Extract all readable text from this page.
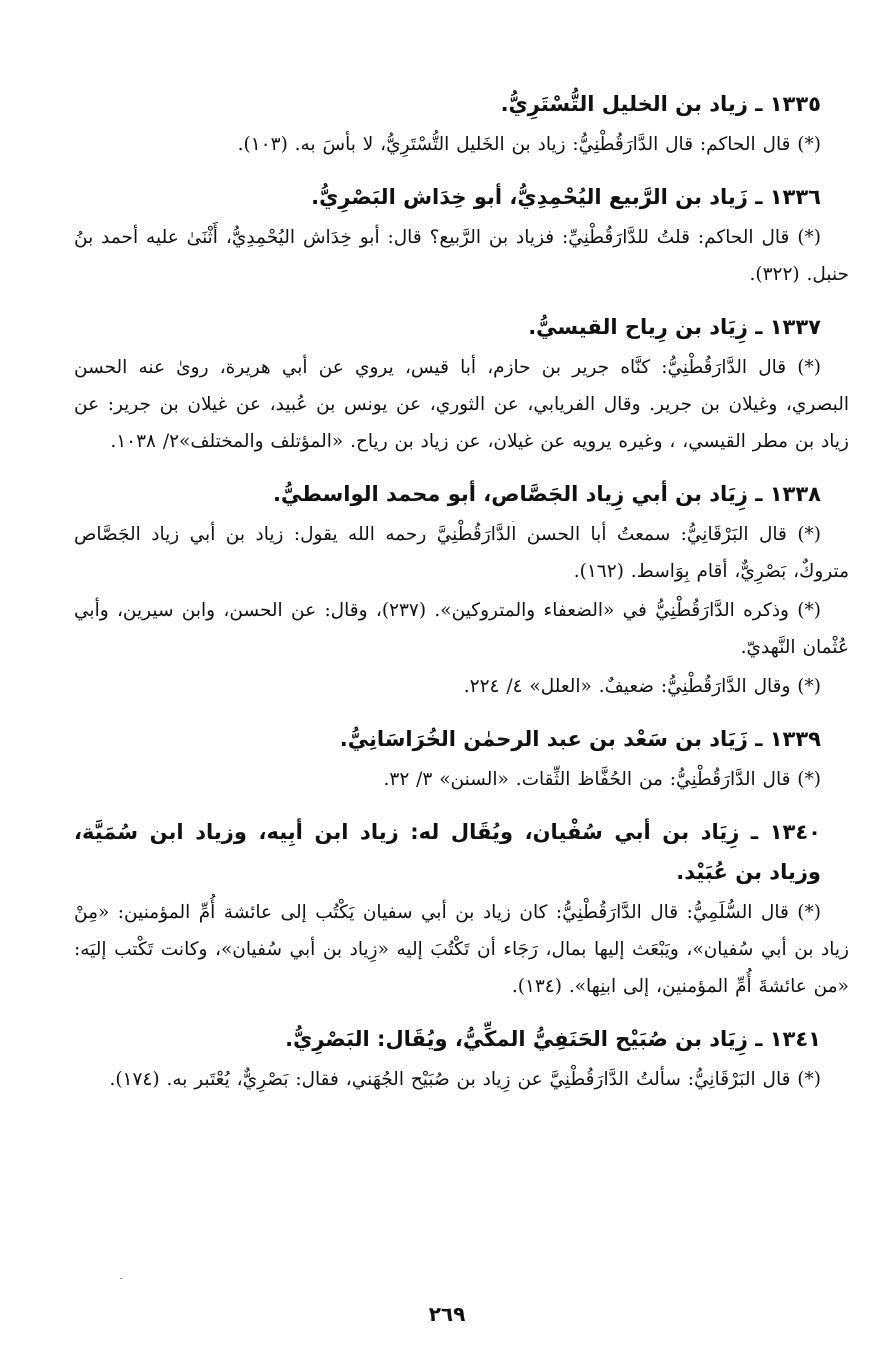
١٣٣٥ ـ زياد بن الخليل التُّسْتَرِيُّ.

(*) قال الحاكم: قال الدَّارَقُطْنِيُّ: زياد بن الخَليل التُّسْتَرِيُّ، لا بأسَ به. (١٠٣).

١٣٣٦ ـ زَياد بن الرَّبيع اليُحْمِدِيُّ، أبو خِدَاش البَصْرِيُّ.

(*) قال الحاكم: قلتُ للدَّارَقُطْنِيِّ: فزياد بن الرَّبيع؟ قال: أبو خِدَاش اليُحْمِدِيُّ، أَثْنَىٰ عليه أحمد بنُ حنبل. (٣٢٢).

١٣٣٧ ـ زِيَاد بن رِياح القيسيُّ.

(*) قال الدَّارَقُطْنِيُّ: كنَّاه جرير بن حازم، أبا قيس، يروي عن أبي هريرة، روىٰ عنه الحسن البصري، وغيلان بن جرير. وقال الفريابي، عن الثوري، عن يونس بن عُبيد، عن غيلان بن جرير: عن زياد بن مطر القيسي، ، وغيره يرويه عن غيلان، عن زياد بن رياح. «المؤتلف والمختلف»٢/ ١٠٣٨.

١٣٣٨ ـ زِيَاد بن أبي زِياد الجَصَّاص، أبو محمد الواسطيُّ.

(*) قال البَرْقَانِيُّ: سمعتُ أبا الحسن الدَّارَقُطْنِيَّ رحمه الله يقول: زياد بن أبي زياد الجَصَّاص متروكٌ، بَصْرِيٌّ، أقام بِوَاسط. (١٦٢).

(*) وذكره الدَّارَقُطْنِيُّ في «الضعفاء والمتروكين». (٢٣٧)، وقال: عن الحسن، وابن سيرين، وأبي عُثْمان النَّهديّ.

(*) وقال الدَّارَقُطْنِيُّ: ضعيفٌ. «العلل» ٤/ ٢٢٤.

١٣٣٩ ـ زَيَاد بن سَعْد بن عبد الرحمٰن الخُرَاسَانِيُّ.

(*) قال الدَّارَقُطْنِيُّ: من الحُفَّاظ الثِّقات. «السنن» ٣/ ٣٢.

١٣٤٠ ـ زِيَاد بن أبي سُفْيان، ويُقَال له: زياد ابن أبِيه، وزياد ابن سُمَيَّة، وزياد بن عُبَيْد.

(*) قال السُّلَمِيُّ: قال الدَّارَقُطْنِيُّ: كان زياد بن أبي سفيان يَكْتُب إلى عائشة أُمِّ المؤمنين: «مِنْ زياد بن أبي سُفيان»، ويَبْعَث إليها بمال، رَجَاء أن تَكْتُبَ إليه «زِياد بن أبي سُفيان»، وكانت تَكْتب إليَه: «من عائشةَ أُمِّ المؤمنين، إلى ابنِها». (١٣٤).

١٣٤١ ـ زِيَاد بن صُبَيْح الحَنَفِيُّ المكِّيُّ، ويُقَال: البَصْرِيُّ.

(*) قال البَرْقَانِيُّ: سألتُ الدَّارَقُطْنِيَّ عن زِياد بن صُبَيْح الجُهَني، فقال: بَصْرِيٌّ، يُعْتَبر به. (١٧٤).

٢٦٩
